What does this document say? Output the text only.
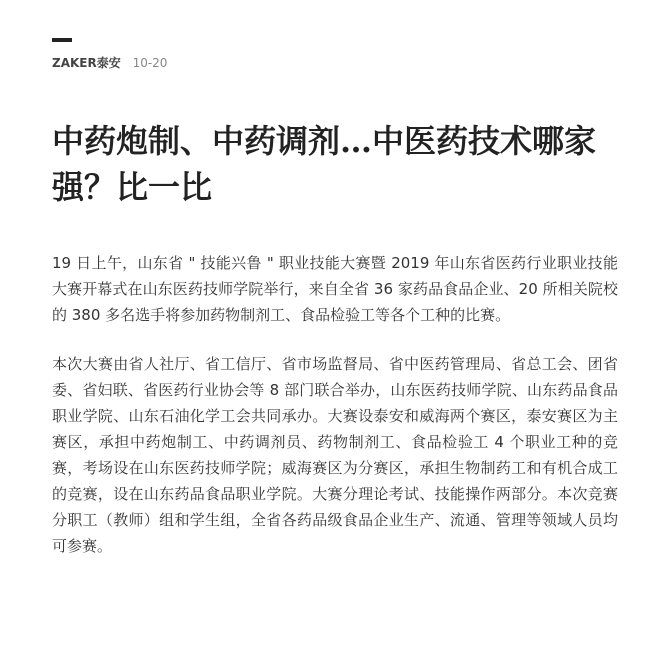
ZAKER泰安 10-20
中药炮制、中药调剂…中医药技术哪家强？比一比

19 日上午，山东省 " 技能兴鲁 " 职业技能大赛暨 2019 年山东省医药行业职业技能大赛开幕式在山东医药技师学院举行，来自全省 36 家药品食品企业、20 所相关院校的 380 多名选手将参加药物制剂工、食品检验工等各个工种的比赛。

本次大赛由省人社厅、省工信厅、省市场监督局、省中医药管理局、省总工会、团省委、省妇联、省医药行业协会等 8 部门联合举办，山东医药技师学院、山东药品食品职业学院、山东石油化学工会共同承办。大赛设泰安和威海两个赛区，泰安赛区为主赛区，承担中药炮制工、中药调剂员、药物制剂工、食品检验工 4 个职业工种的竞赛，考场设在山东医药技师学院；威海赛区为分赛区，承担生物制药工和有机合成工的竞赛，设在山东药品食品职业学院。大赛分理论考试、技能操作两部分。本次竞赛分职工（教师）组和学生组，全省各药品级食品企业生产、流通、管理等领域人员均可参赛。
